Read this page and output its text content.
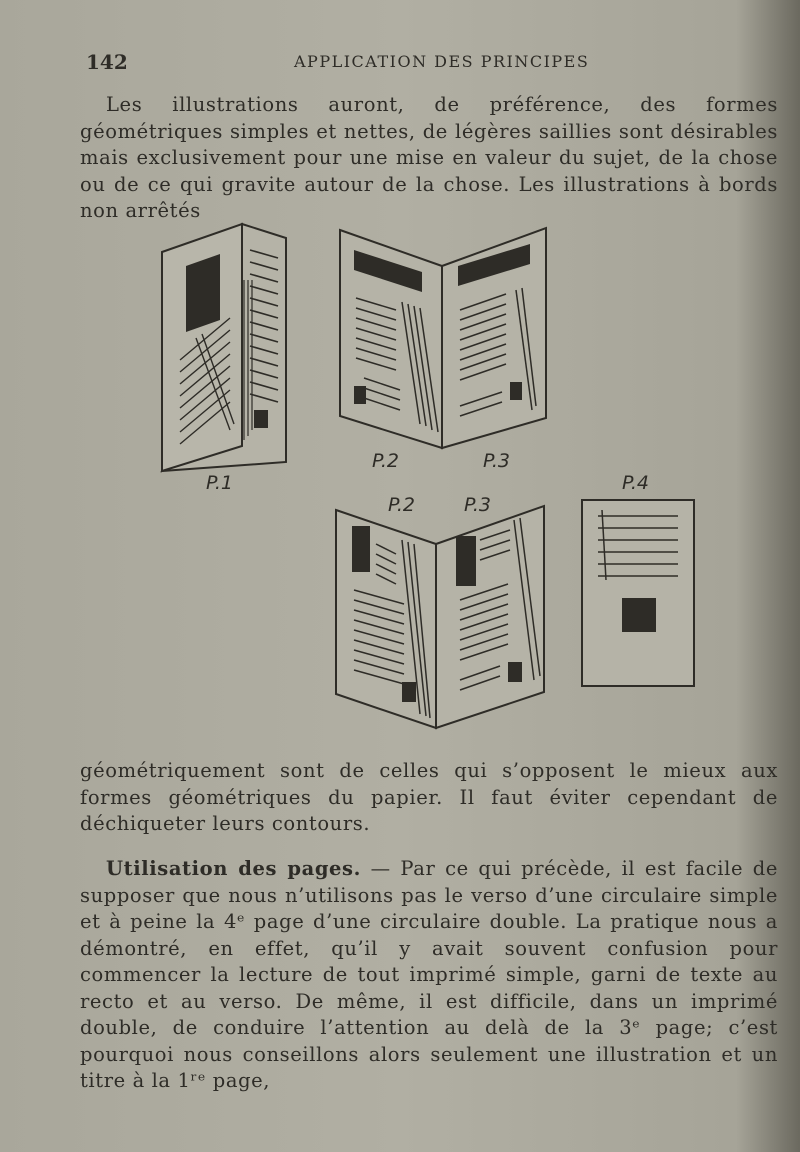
142	APPLICATION DES PRINCIPES

Les illustrations auront, de préférence, des formes géométriques simples et nettes, de légères saillies sont désirables mais exclusivement pour une mise en valeur du sujet, de la chose ou de ce qui gravite autour de la chose. Les illustrations à bords non arrêtés

P.1
P.2	P.3
P.4
P.2	P.3

géométriquement sont de celles qui s’opposent le mieux aux formes géométriques du papier. Il faut éviter cependant de déchiqueter leurs contours.

Utilisation des pages. — Par ce qui précède, il est facile de supposer que nous n’utilisons pas le verso d’une circulaire simple et à peine la 4ᵉ page d’une circulaire double. La pratique nous a démontré, en effet, qu’il y avait souvent confusion pour commencer la lecture de tout imprimé simple, garni de texte au recto et au verso. De même, il est difficile, dans un imprimé double, de conduire l’attention au delà de la 3ᵉ page; c’est pourquoi nous conseillons alors seulement une illustration et un titre à la 1ʳᵉ page,
